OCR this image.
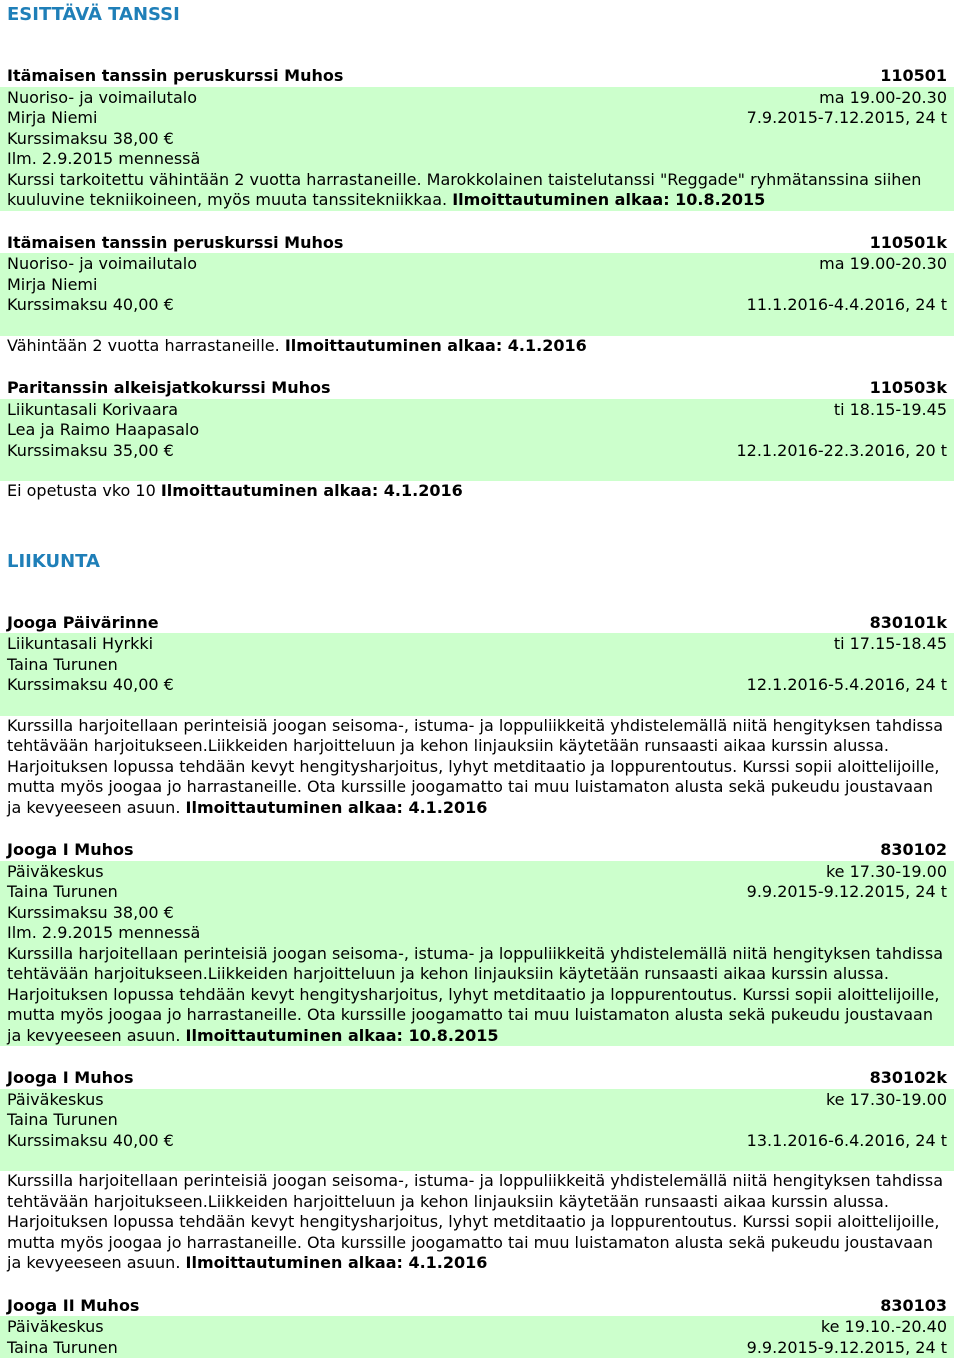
ESITTÄVÄ TANSSI
Itämaisen tanssin peruskurssi Muhos	110501
Nuoriso- ja voimailutalo	ma 19.00-20.30
Mirja Niemi	7.9.2015-7.12.2015, 24 t
Kurssimaksu 38,00 €
Ilm. 2.9.2015 mennessä
Kurssi tarkoitettu vähintään 2 vuotta harrastaneille. Marokkolainen taistelutanssi "Reggade" ryhmätanssina siihen kuuluvine tekniikoineen, myös muuta tanssitekniikkaa. Ilmoittautuminen alkaa: 10.8.2015
Itämaisen tanssin peruskurssi Muhos	110501k
Nuoriso- ja voimailutalo	ma 19.00-20.30
Mirja Niemi
Kurssimaksu 40,00 €	11.1.2016-4.4.2016, 24 t
Vähintään 2 vuotta harrastaneille. Ilmoittautuminen alkaa: 4.1.2016
Paritanssin alkeisjatkokurssi Muhos	110503k
Liikuntasali Korivaara	ti 18.15-19.45
Lea ja Raimo Haapasalo
Kurssimaksu 35,00 €	12.1.2016-22.3.2016, 20 t
Ei opetusta vko 10 Ilmoittautuminen alkaa: 4.1.2016
LIIKUNTA
Jooga Päivärinne	830101k
Liikuntasali Hyrkki	ti 17.15-18.45
Taina Turunen
Kurssimaksu 40,00 €	12.1.2016-5.4.2016, 24 t
Kurssilla harjoitellaan perinteisiä joogan seisoma-, istuma- ja loppuliikkeitä yhdistelemällä niitä hengityksen tahdissa tehtävään harjoitukseen.Liikkeiden harjoitteluun ja kehon linjauksiin käytetään runsaasti aikaa kurssin alussa. Harjoituksen lopussa tehdään kevyt hengitysharjoitus, lyhyt metditaatio ja loppurentoutus. Kurssi sopii aloittelijoille, mutta myös joogaa jo harrastaneille. Ota kurssille joogamatto tai muu luistamaton alusta sekä pukeudu joustavaan ja kevyeeseen asuun. Ilmoittautuminen alkaa: 4.1.2016
Jooga I Muhos	830102
Päiväkeskus	ke 17.30-19.00
Taina Turunen	9.9.2015-9.12.2015, 24 t
Kurssimaksu 38,00 €
Ilm. 2.9.2015 mennessä
Kurssilla harjoitellaan perinteisiä joogan seisoma-, istuma- ja loppuliikkeitä yhdistelemällä niitä hengityksen tahdissa tehtävään harjoitukseen.Liikkeiden harjoitteluun ja kehon linjauksiin käytetään runsaasti aikaa kurssin alussa. Harjoituksen lopussa tehdään kevyt hengitysharjoitus, lyhyt metditaatio ja loppurentoutus. Kurssi sopii aloittelijoille, mutta myös joogaa jo harrastaneille. Ota kurssille joogamatto tai muu luistamaton alusta sekä pukeudu joustavaan ja kevyeeseen asuun. Ilmoittautuminen alkaa: 10.8.2015
Jooga I Muhos	830102k
Päiväkeskus	ke 17.30-19.00
Taina Turunen
Kurssimaksu 40,00 €	13.1.2016-6.4.2016, 24 t
Kurssilla harjoitellaan perinteisiä joogan seisoma-, istuma- ja loppuliikkeitä yhdistelemällä niitä hengityksen tahdissa tehtävään harjoitukseen.Liikkeiden harjoitteluun ja kehon linjauksiin käytetään runsaasti aikaa kurssin alussa. Harjoituksen lopussa tehdään kevyt hengitysharjoitus, lyhyt metditaatio ja loppurentoutus. Kurssi sopii aloittelijoille, mutta myös joogaa jo harrastaneille. Ota kurssille joogamatto tai muu luistamaton alusta sekä pukeudu joustavaan ja kevyeeseen asuun. Ilmoittautuminen alkaa: 4.1.2016
Jooga II Muhos	830103
Päiväkeskus	ke 19.10.-20.40
Taina Turunen	9.9.2015-9.12.2015, 24 t
